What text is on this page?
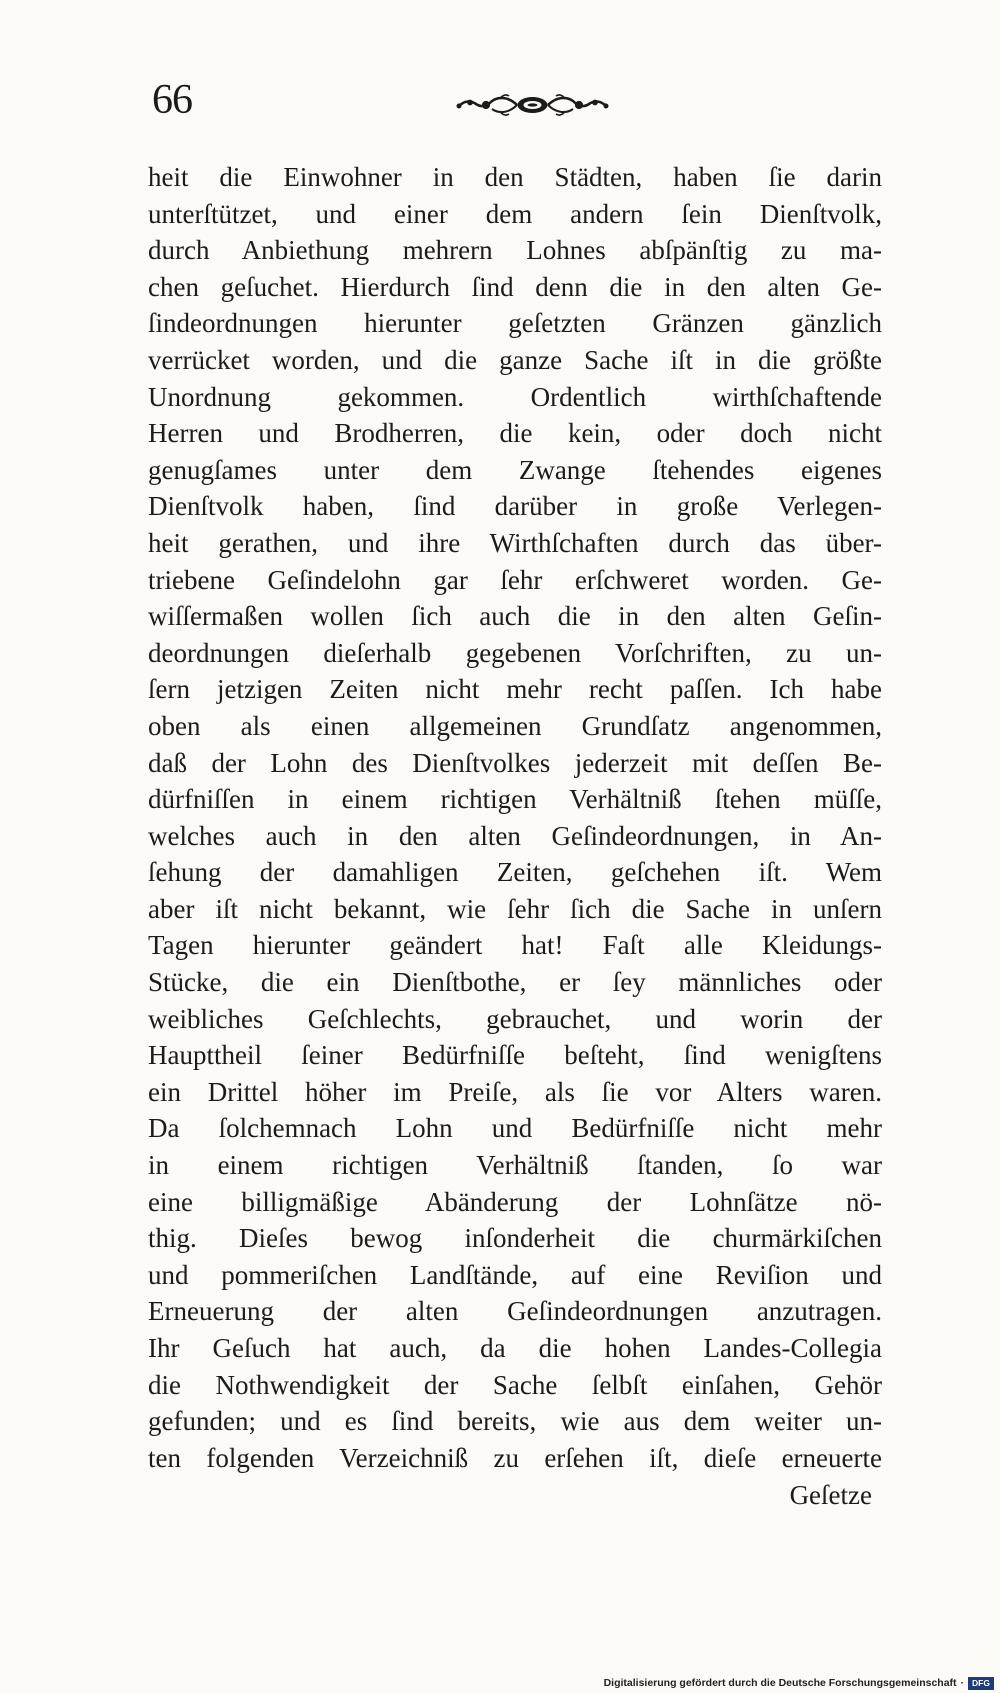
66
heit die Einwohner in den Städten, haben ſie darin
unterſtützet, und einer dem andern ſein Dienſtvolk,
durch Anbiethung mehrern Lohnes abſpänſtig zu ma-
chen geſuchet. Hierdurch ſind denn die in den alten Ge-
ſindeordnungen hierunter geſetzten Gränzen gänzlich
verrücket worden, und die ganze Sache iſt in die größte
Unordnung gekommen. Ordentlich wirthſchaftende
Herren und Brodherren, die kein, oder doch nicht
genugſames unter dem Zwange ſtehendes eigenes
Dienſtvolk haben, ſind darüber in große Verlegen-
heit gerathen, und ihre Wirthſchaften durch das über-
triebene Geſindelohn gar ſehr erſchweret worden. Ge-
wiſſermaßen wollen ſich auch die in den alten Geſin-
deordnungen dieſerhalb gegebenen Vorſchriften, zu un-
ſern jetzigen Zeiten nicht mehr recht paſſen. Ich habe
oben als einen allgemeinen Grundſatz angenommen,
daß der Lohn des Dienſtvolkes jederzeit mit deſſen Be-
dürfniſſen in einem richtigen Verhältniß ſtehen müſſe,
welches auch in den alten Geſindeordnungen, in An-
ſehung der damahligen Zeiten, geſchehen iſt. Wem
aber iſt nicht bekannt, wie ſehr ſich die Sache in unſern
Tagen hierunter geändert hat! Faſt alle Kleidungs-
Stücke, die ein Dienſtbothe, er ſey männliches oder
weibliches Geſchlechts, gebrauchet, und worin der
Haupttheil ſeiner Bedürfniſſe beſteht, ſind wenigſtens
ein Drittel höher im Preiſe, als ſie vor Alters waren.
Da ſolchemnach Lohn und Bedürfniſſe nicht mehr
in einem richtigen Verhältniß ſtanden, ſo war
eine billigmäßige Abänderung der Lohnſätze nö-
thig. Dieſes bewog inſonderheit die churmärkiſchen
und pommeriſchen Landſtände, auf eine Reviſion und
Erneuerung der alten Geſindeordnungen anzutragen.
Ihr Geſuch hat auch, da die hohen Landes-Collegia
die Nothwendigkeit der Sache ſelbſt einſahen, Gehör
gefunden; und es ſind bereits, wie aus dem weiter un-
ten folgenden Verzeichniß zu erſehen iſt, dieſe erneuerte
Geſetze
Digitalisierung gefördert durch die Deutsche Forschungsgemeinschaft · DFG
